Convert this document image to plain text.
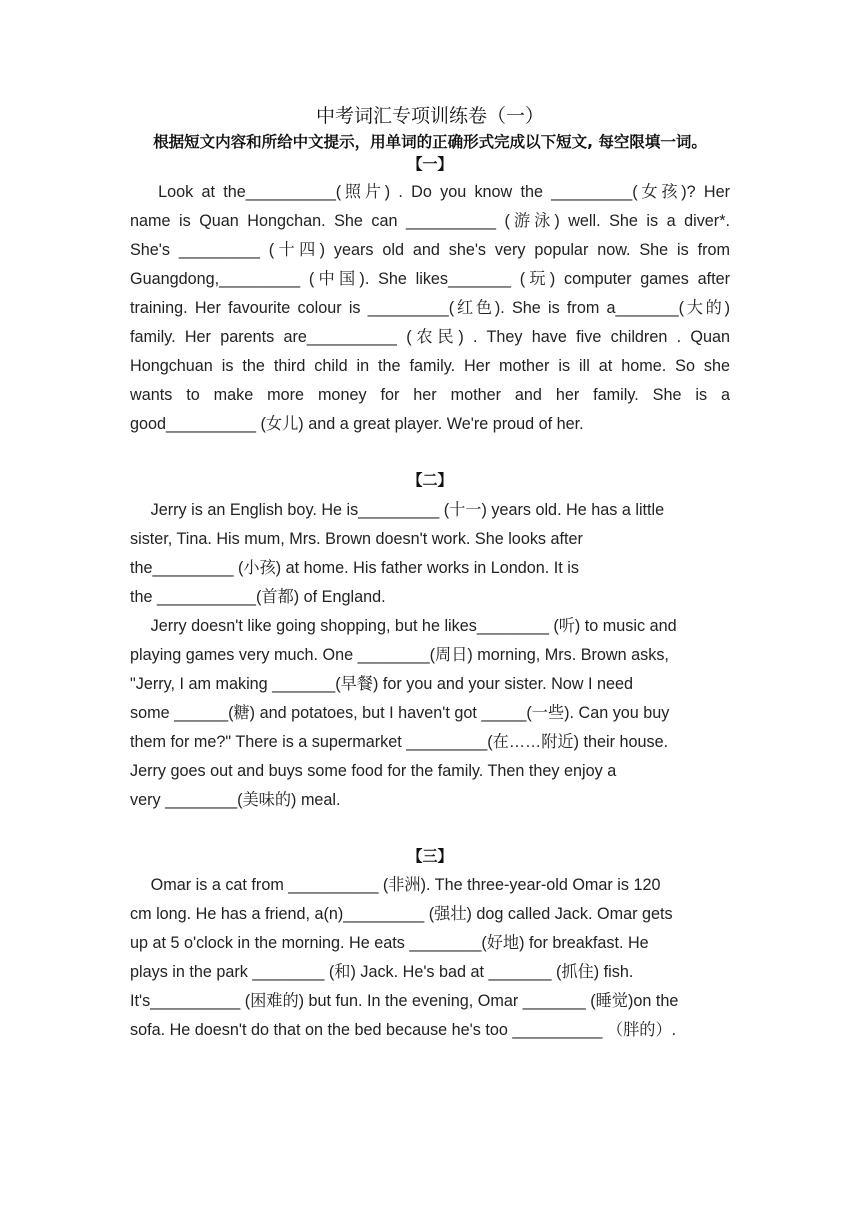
中考词汇专项训练卷（一）
根据短文内容和所给中文提示，用单词的正确形式完成以下短文, 每空限填一词。
【一】
　 Look at the__________(照片) . Do you know the _________(女孩)? Her
name is Quan Hongchan. She can __________ (游泳) well. She is a diver*.
She's _________ (十四) years old and she's very popular now. She is from
Guangdong,_________ (中国). She likes_______ (玩) computer games after
training. Her favourite colour is _________(红色). She is from a_______(大的)
family. Her parents are__________ (农民) . They have five children . Quan
Hongchuan is the third child in the family. Her mother is ill at home. So she
wants to make more money for her mother and her family. She is a
good__________ (女儿) and a great player. We're proud of her.
【二】
　 Jerry is an English boy. He is_________ (十一) years old. He has a little
sister, Tina. His mum, Mrs. Brown doesn't work. She looks after
the_________ (小孩) at home. His father works in London. It is
the ___________(首都) of England.
　 Jerry doesn't like going shopping, but he likes________ (听) to music and
playing games very much. One ________(周日) morning, Mrs. Brown asks,
"Jerry, I am making _______(早餐) for you and your sister. Now I need
some ______(糖) and potatoes, but I haven't got _____(一些). Can you buy
them for me?" There is a supermarket _________(在……附近) their house.
Jerry goes out and buys some food for the family. Then they enjoy a
very ________(美味的) meal.
【三】
　 Omar is a cat from __________ (非洲). The three-year-old Omar is 120
cm long. He has a friend, a(n)_________ (强壮) dog called Jack. Omar gets
up at 5 o'clock in the morning. He eats ________(好地) for breakfast. He
plays in the park ________ (和) Jack. He's bad at _______ (抓住) fish.
It's__________ (困难的) but fun. In the evening, Omar _______ (睡觉)on the
sofa. He doesn't do that on the bed because he's too __________ （胖的）.
